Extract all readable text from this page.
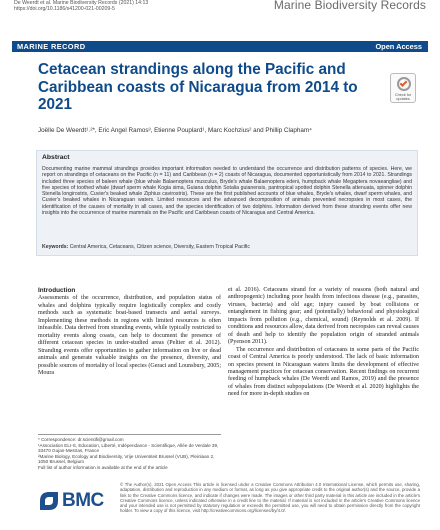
De Weerdt et al. Marine Biodiversity Records (2021) 14:13
https://doi.org/10.1186/s41200-021-00209-5	Marine Biodiversity Records
MARINE RECORD	Open Access
Cetacean strandings along the Pacific and Caribbean coasts of Nicaragua from 2014 to 2021
Check for updates
Joëlle De Weerdt¹˒²*, Eric Angel Ramos³, Etienne Pouplard¹, Marc Kochzius² and Phillip Clapham⁴
Abstract
Documenting marine mammal strandings provides important information needed to understand the occurrence and distribution patterns of species. Here, we report on strandings of cetaceans on the Pacific (n = 11) and Caribbean (n = 2) coasts of Nicaragua, documented opportunistically from 2014 to 2021. Strandings included three species of baleen whale (blue whale Balaenoptera musculus, Bryde's whale Balaenoptera edeni, humpback whale Megaptera novaeangliae) and five species of toothed whale (dwarf sperm whale Kogia sima, Guiana dolphin Sotalia guianensis, pantropical spotted dolphin Stenella attenuata, spinner dolphin Stenella longirostris, Cuvier's beaked whale Ziphius cavirostris). These are the first published accounts of blue whales, Bryde's whales, dwarf sperm whales, and Cuvier's beaked whales in Nicaraguan waters. Limited resources and the advanced decomposition of animals prevented necropsies in most cases, the identification of the causes of mortality in all cases, and the species identification of two dolphins. Information derived from these stranding events offer new insights into the occurrence of marine mammals on the Pacific and Caribbean coasts of Nicaragua and Central America.
Keywords: Central America, Cetaceans, Citizen science, Diversity, Eastern Tropical Pacific
Introduction

Assessments of the occurrence, distribution, and population status of whales and dolphins typically require logistically complex and costly methods such as systematic boat-based transects and aerial surveys. Implementing these methods in regions with limited resources is often infeasible. Data derived from stranding events, while typically restricted to mortality events along coasts, can help to document the presence of different cetacean species in under-studied areas (Peltier et al. 2012). Stranding events offer opportunities to gather information on live or dead animals and generate valuable insights on the presence, diversity, and possible sources of mortality of local species (Geraci and Lounsbury, 2005; Moura

et al. 2016). Cetaceans strand for a variety of reasons (both natural and anthropogenic) including poor health from infectious disease (e.g., parasites, viruses, bacteria) and old age; injury caused by boat collisions or entanglement in fishing gear; and (potentially) behavioral and physiological impacts from pollution (e.g., chemical, sound) (Reynolds et al. 2009). If conditions and resources allow, data derived from necropsies can reveal causes of death and help to identify the population origin of stranded animals (Pyenson 2011).

The occurrence and distribution of cetaceans in some parts of the Pacific coast of Central America is poorly understood. The lack of basic information on species present in Nicaraguan waters limits the development of effective management practices for cetacean conservation. Recent findings on recurrent feeding of humpback whales (De Weerdt and Ramos, 2019) and the presence of whales from distinct subpopulations (De Weerdt et al. 2020) highlights the need for more in-depth studies on

* Correspondence: dr.scientifi@gmail.com
¹Association ELI-S, Education, Liberté, Indépendance - Scientifique, Allée de Verdale 39, 33470 Gujan-Mestras, France
²Marine Biology, Ecology and Biodiversity, Vrije Universiteit Brussel (VUB), Pleinlaan 2, 1050 Brussel, Belgium
Full list of author information is available at the end of the article
BMC
© The Author(s). 2021 Open Access This article is licensed under a Creative Commons Attribution 4.0 International License, which permits use, sharing, adaptation, distribution and reproduction in any medium or format, as long as you give appropriate credit to the original author(s) and the source, provide a link to the Creative Commons licence, and indicate if changes were made. The images or other third party material in this article are included in the article's Creative Commons licence, unless indicated otherwise in a credit line to the material. If material is not included in the article's Creative Commons licence and your intended use is not permitted by statutory regulation or exceeds the permitted use, you will need to obtain permission directly from the copyright holder. To view a copy of this licence, visit http://creativecommons.org/licenses/by/4.0/.
